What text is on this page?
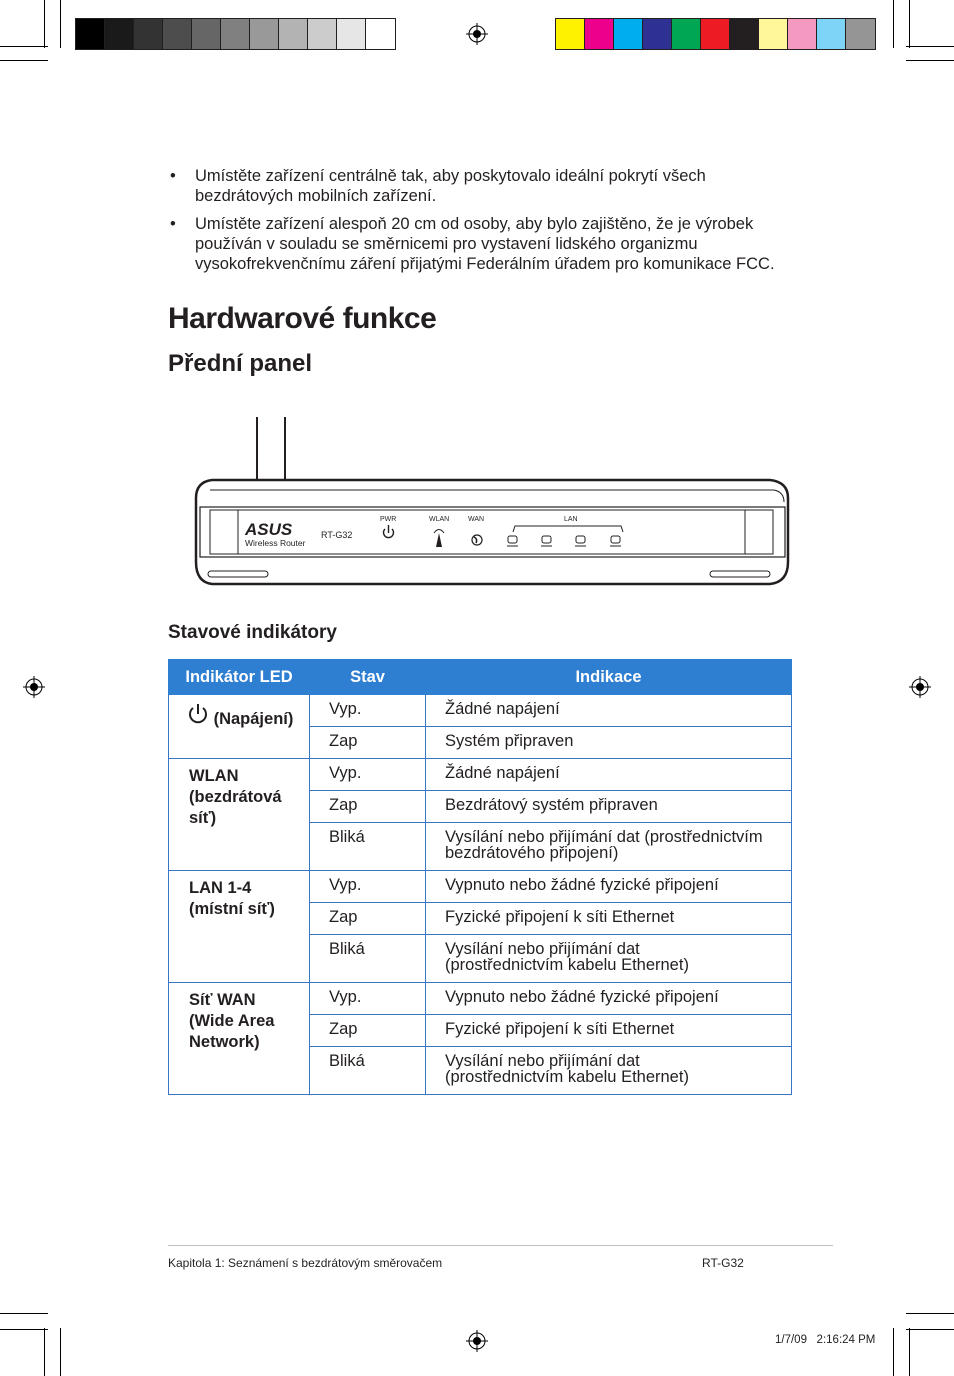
• Umístěte zařízení centrálně tak, aby poskytovalo ideální pokrytí všech bezdrátových mobilních zařízení.
• Umístěte zařízení alespoň 20 cm od osoby, aby bylo zajištěno, že je výrobek používán v souladu se směrnicemi pro vystavení lidského organizmu vysokofrekvenčnímu záření přijatými Federálním úřadem pro komunikace FCC.
Hardwarové funkce
Přední panel
ASUS
Wireless Router
RT-G32
PWR	WLAN	WAN	LAN
Stavové indikátory
Indikátor LED	Stav	Indikace
(Napájení)	Vyp.	Žádné napájení
	Zap	Systém připraven

WLAN (bezdrátová síť)	Vyp.	Žádné napájení
	Zap	Bezdrátový systém připraven
	Bliká	Vysílání nebo přijímání dat (prostřednictvím bezdrátového připojení)

LAN 1-4 (místní síť)	Vyp.	Vypnuto nebo žádné fyzické připojení
	Zap	Fyzické připojení k síti Ethernet
	Bliká	Vysílání nebo přijímání dat (prostřednictvím kabelu Ethernet)

Síť WAN (Wide Area Network)	Vyp.	Vypnuto nebo žádné fyzické připojení
	Zap	Fyzické připojení k síti Ethernet
	Bliká	Vysílání nebo přijímání dat (prostřednictvím kabelu Ethernet)
Kapitola 1: Seznámení s bezdrátovým směrovačem	RT-G32
1/7/09   2:16:24 PM
